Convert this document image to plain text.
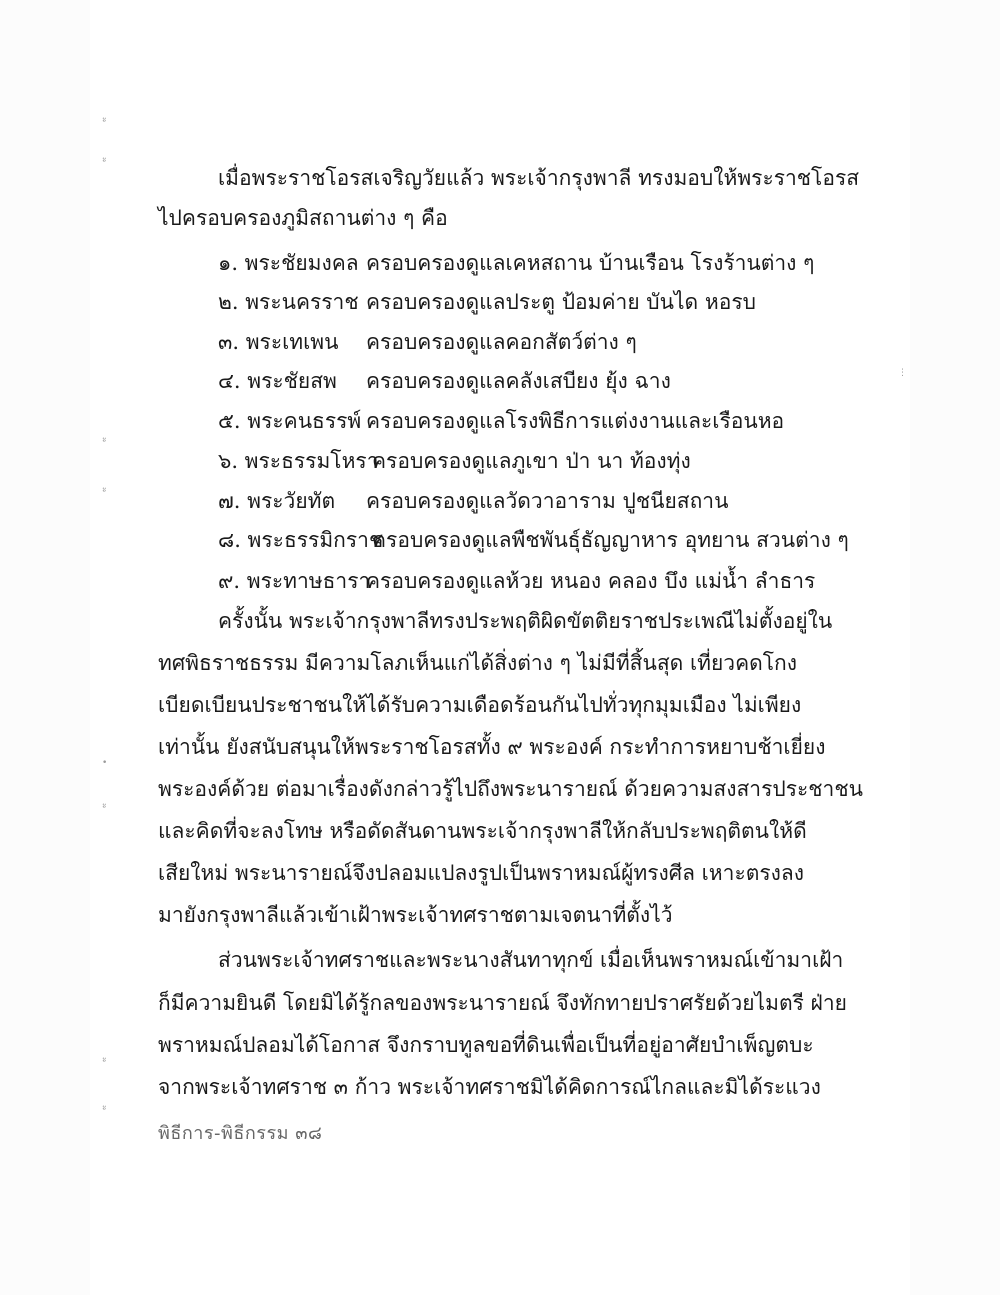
ะ
ะ
ะ
ะ
•
ะ
ะ
ะ
⋮
เมื่อพระราชโอรสเจริญวัยแล้ว พระเจ้ากรุงพาลี ทรงมอบให้พระราชโอรส
ไปครอบครองภูมิสถานต่าง ๆ คือ
๑. พระชัยมงคล ครอบครองดูแลเคหสถาน บ้านเรือน โรงร้านต่าง ๆ
๒. พระนครราช ครอบครองดูแลประตู ป้อมค่าย บันได หอรบ
๓. พระเทเพน ครอบครองดูแลคอกสัตว์ต่าง ๆ
๔. พระชัยสพ ครอบครองดูแลคลังเสบียง ยุ้ง ฉาง
๕. พระคนธรรพ์ ครอบครองดูแลโรงพิธีการแต่งงานและเรือนหอ
๖. พระธรรมโหรา
ครอบครองดูแลภูเขา ป่า นา ท้องทุ่ง
๗. พระวัยทัต ครอบครองดูแลวัดวาอาราม ปูชนียสถาน
๘. พระธรรมิกราช
ครอบครองดูแลพืชพันธุ์ธัญญาหาร อุทยาน สวนต่าง ๆ
๙. พระทาษธารา
ครอบครองดูแลห้วย หนอง คลอง บึง แม่น้ำ ลำธาร
ครั้งนั้น พระเจ้ากรุงพาลีทรงประพฤติผิดขัตติยราชประเพณีไม่ตั้งอยู่ใน
ทศพิธราชธรรม มีความโลภเห็นแก่ได้สิ่งต่าง ๆ ไม่มีที่สิ้นสุด เที่ยวคดโกง
เบียดเบียนประชาชนให้ได้รับความเดือดร้อนกันไปทั่วทุกมุมเมือง ไม่เพียง
เท่านั้น ยังสนับสนุนให้พระราชโอรสทั้ง ๙ พระองค์ กระทำการหยาบช้าเยี่ยง
พระองค์ด้วย ต่อมาเรื่องดังกล่าวรู้ไปถึงพระนารายณ์ ด้วยความสงสารประชาชน
และคิดที่จะลงโทษ หรือดัดสันดานพระเจ้ากรุงพาลีให้กลับประพฤติตนให้ดี
เสียใหม่ พระนารายณ์จึงปลอมแปลงรูปเป็นพราหมณ์ผู้ทรงศีล เหาะตรงลง
มายังกรุงพาลีแล้วเข้าเฝ้าพระเจ้าทศราชตามเจตนาที่ตั้งไว้
ส่วนพระเจ้าทศราชและพระนางสันทาทุกข์ เมื่อเห็นพราหมณ์เข้ามาเฝ้า
ก็มีความยินดี โดยมิได้รู้กลของพระนารายณ์ จึงทักทายปราศรัยด้วยไมตรี ฝ่าย
พราหมณ์ปลอมได้โอกาส จึงกราบทูลขอที่ดินเพื่อเป็นที่อยู่อาศัยบำเพ็ญตบะ
จากพระเจ้าทศราช ๓ ก้าว พระเจ้าทศราชมิได้คิดการณ์ไกลและมิได้ระแวง
พิธีการ-พิธีกรรม ๓๘
